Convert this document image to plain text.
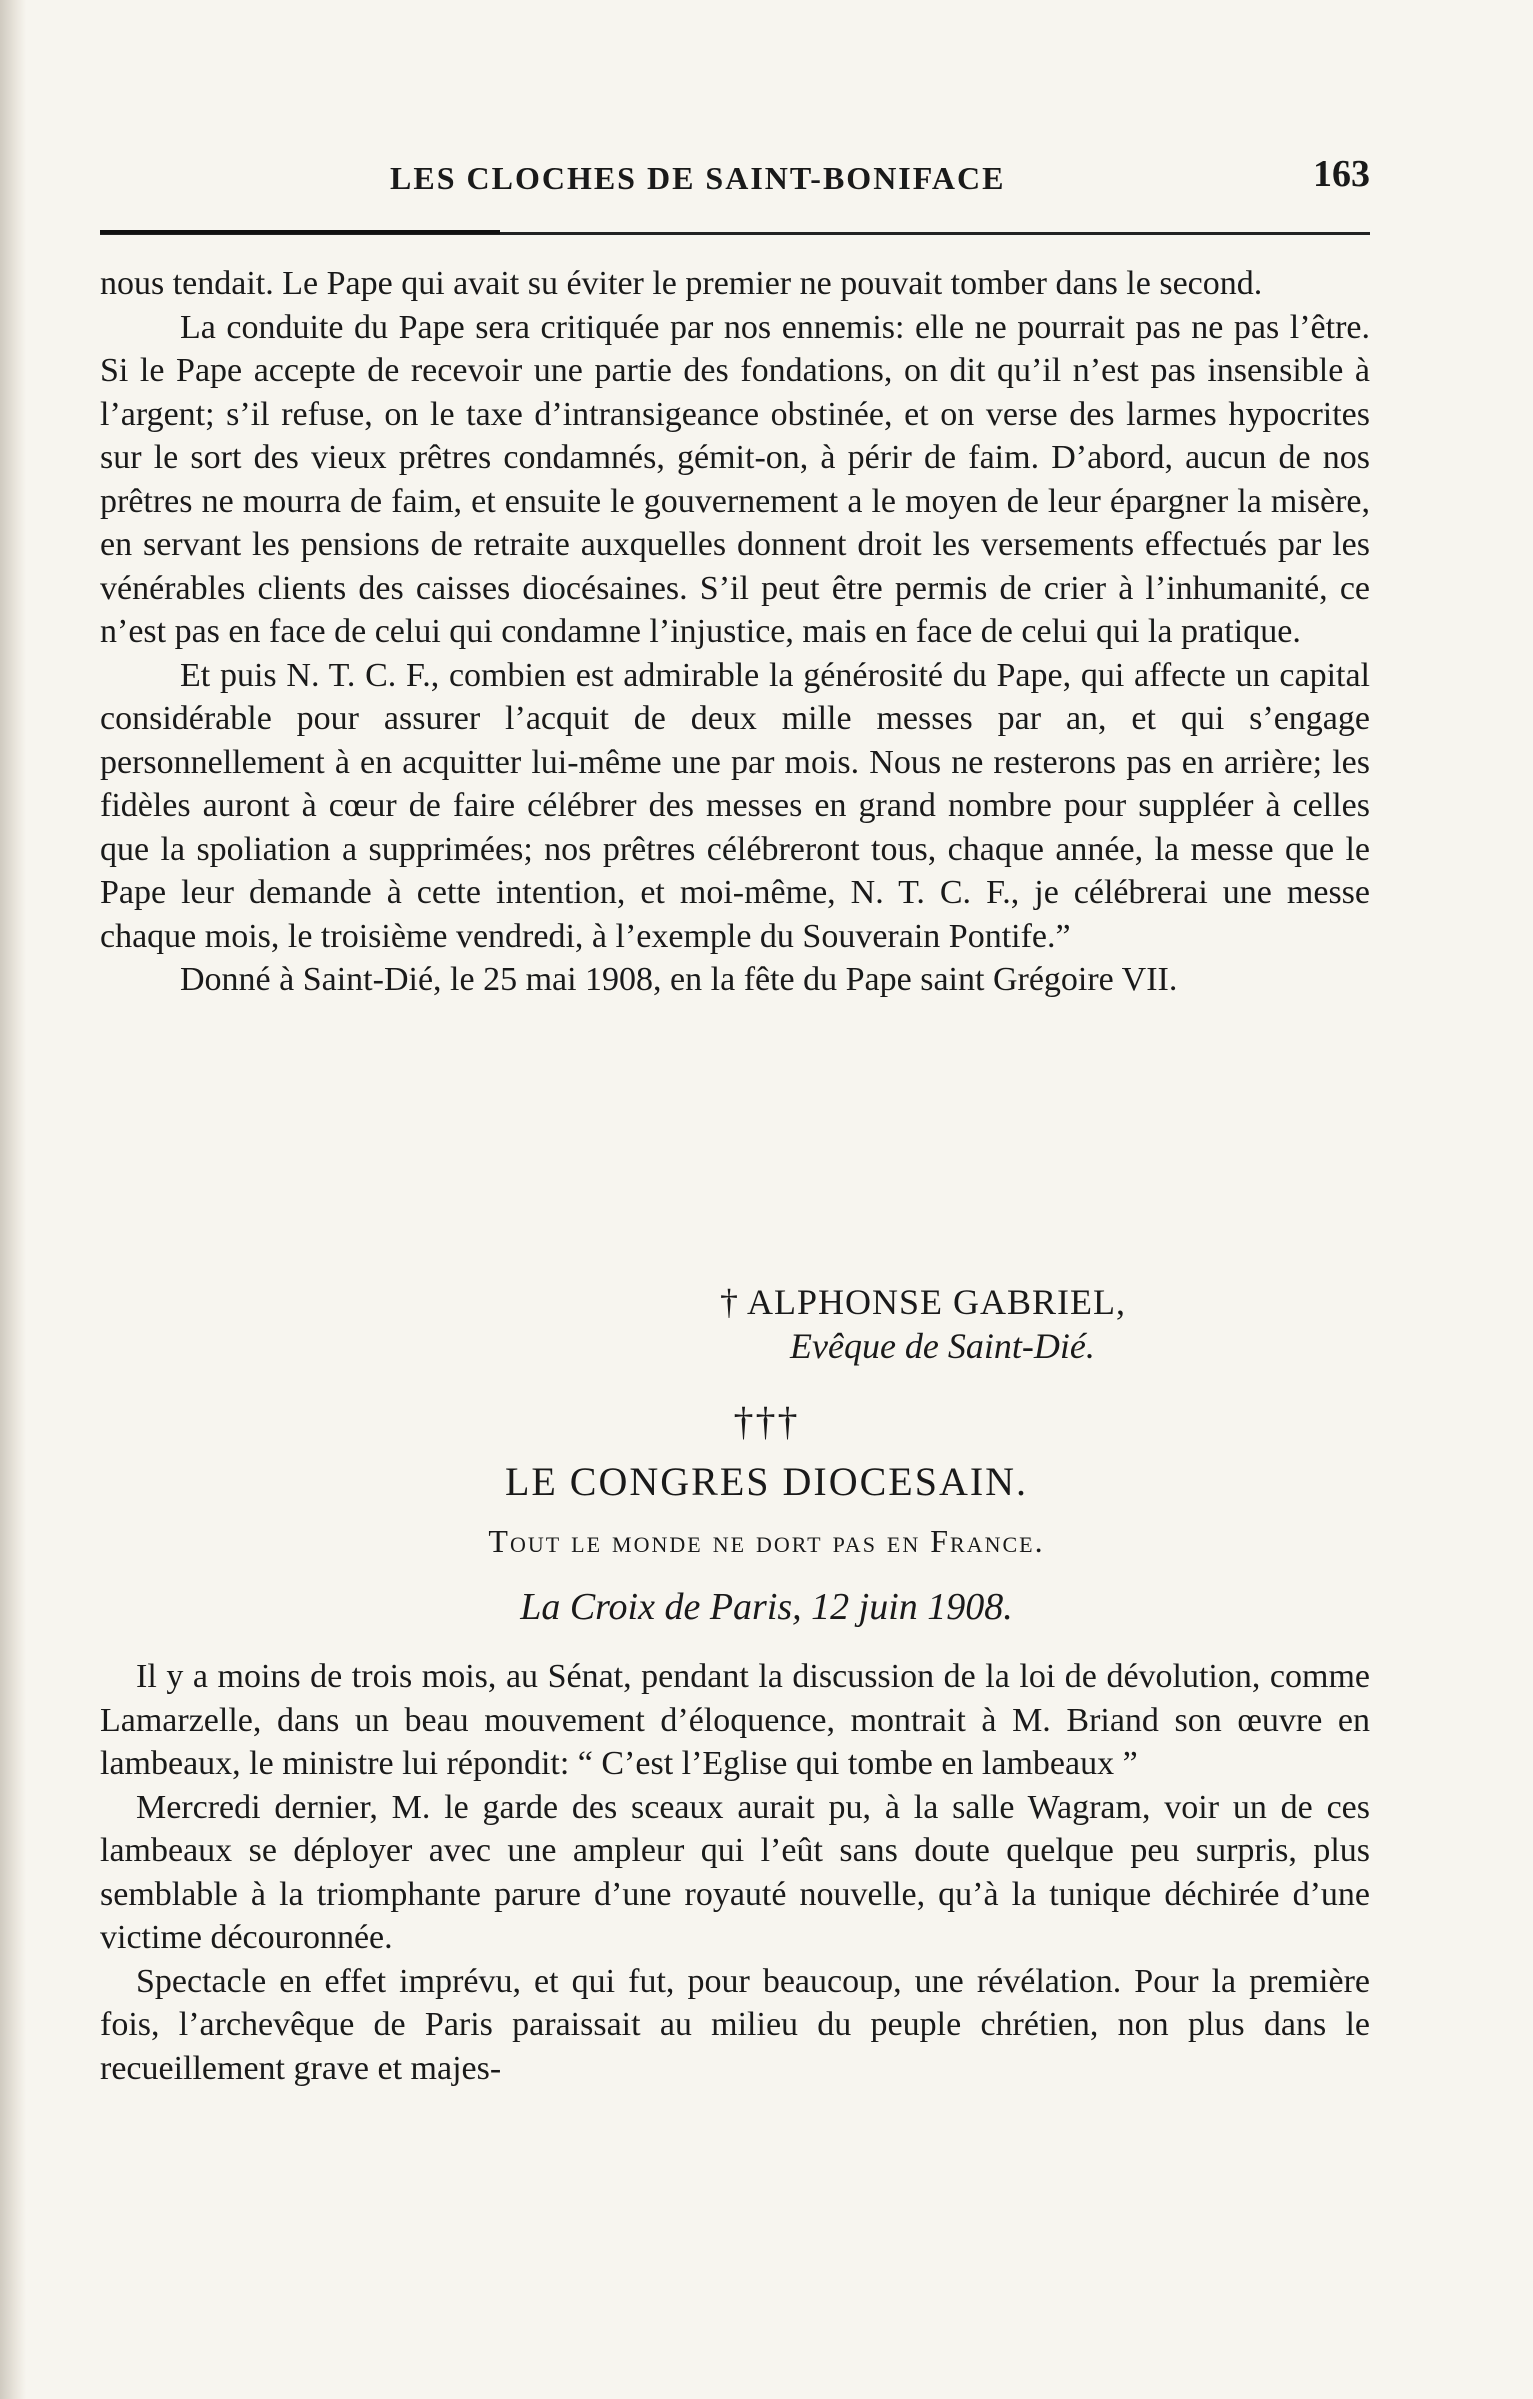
LES CLOCHES DE SAINT-BONIFACE	163

nous tendait. Le Pape qui avait su éviter le premier ne pouvait tomber dans le second.

La conduite du Pape sera critiquée par nos ennemis: elle ne pourrait pas ne pas l’être. Si le Pape accepte de recevoir une partie des fondations, on dit qu’il n’est pas insensible à l’argent; s’il refuse, on le taxe d’intransigeance obstinée, et on verse des larmes hypocrites sur le sort des vieux prêtres condamnés, gémit-on, à périr de faim. D’abord, aucun de nos prêtres ne mourra de faim, et ensuite le gouvernement a le moyen de leur épargner la misère, en servant les pensions de retraite auxquelles donnent droit les versements effectués par les vénérables clients des caisses diocésaines. S’il peut être permis de crier à l’inhumanité, ce n’est pas en face de celui qui condamne l’injustice, mais en face de celui qui la pratique.

Et puis N. T. C. F., combien est admirable la générosité du Pape, qui affecte un capital considérable pour assurer l’acquit de deux mille messes par an, et qui s’engage personnellement à en acquitter lui-même une par mois. Nous ne resterons pas en arrière; les fidèles auront à cœur de faire célébrer des messes en grand nombre pour suppléer à celles que la spoliation a supprimées; nos prêtres célébreront tous, chaque année, la messe que le Pape leur demande à cette intention, et moi-même, N. T. C. F., je célébrerai une messe chaque mois, le troisième vendredi, à l’exemple du Souverain Pontife.”

Donné à Saint-Dié, le 25 mai 1908, en la fête du Pape saint Grégoire VII.

† ALPHONSE GABRIEL,
Evêque de Saint-Dié.
†††
LE CONGRES DIOCESAIN.
Tout le monde ne dort pas en France.
La Croix de Paris, 12 juin 1908.

Il y a moins de trois mois, au Sénat, pendant la discussion de la loi de dévolution, comme Lamarzelle, dans un beau mouvement d’éloquence, montrait à M. Briand son œuvre en lambeaux, le ministre lui répondit: “ C’est l’Eglise qui tombe en lambeaux ”

Mercredi dernier, M. le garde des sceaux aurait pu, à la salle Wagram, voir un de ces lambeaux se déployer avec une ampleur qui l’eût sans doute quelque peu surpris, plus semblable à la triomphante parure d’une royauté nouvelle, qu’à la tunique déchirée d’une victime découronnée.

Spectacle en effet imprévu, et qui fut, pour beaucoup, une révélation. Pour la première fois, l’archevêque de Paris paraissait au milieu du peuple chrétien, non plus dans le recueillement grave et majes-
